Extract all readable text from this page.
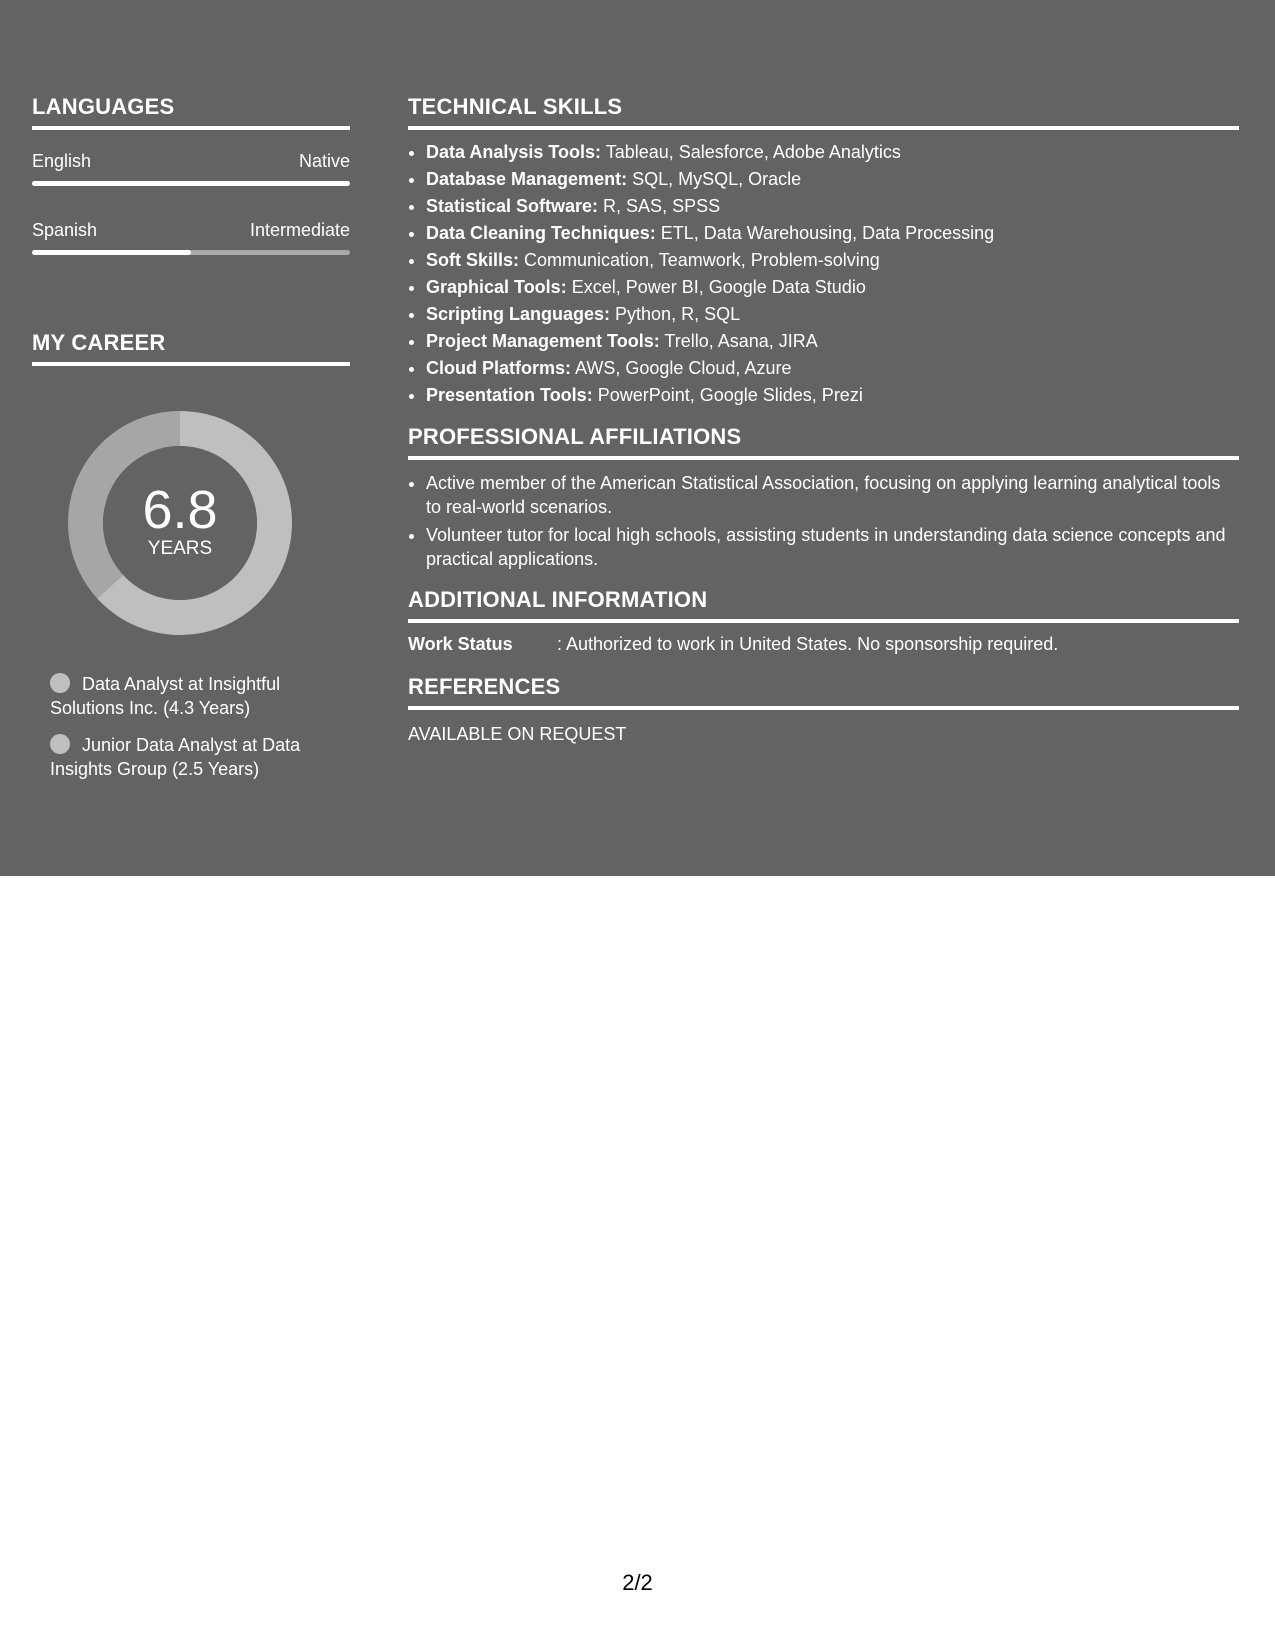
LANGUAGES
English	Native
Spanish	Intermediate
MY CAREER
6.8
YEARS
Data Analyst at Insightful Solutions Inc. (4.3 Years)
Junior Data Analyst at Data Insights Group (2.5 Years)
TECHNICAL SKILLS
• Data Analysis Tools: Tableau, Salesforce, Adobe Analytics
• Database Management: SQL, MySQL, Oracle
• Statistical Software: R, SAS, SPSS
• Data Cleaning Techniques: ETL, Data Warehousing, Data Processing
• Soft Skills: Communication, Teamwork, Problem-solving
• Graphical Tools: Excel, Power BI, Google Data Studio
• Scripting Languages: Python, R, SQL
• Project Management Tools: Trello, Asana, JIRA
• Cloud Platforms: AWS, Google Cloud, Azure
• Presentation Tools: PowerPoint, Google Slides, Prezi
PROFESSIONAL AFFILIATIONS
• Active member of the American Statistical Association, focusing on applying learning analytical tools to real-world scenarios.
• Volunteer tutor for local high schools, assisting students in understanding data science concepts and practical applications.
ADDITIONAL INFORMATION
Work Status	: Authorized to work in United States. No sponsorship required.
REFERENCES
AVAILABLE ON REQUEST
2/2
